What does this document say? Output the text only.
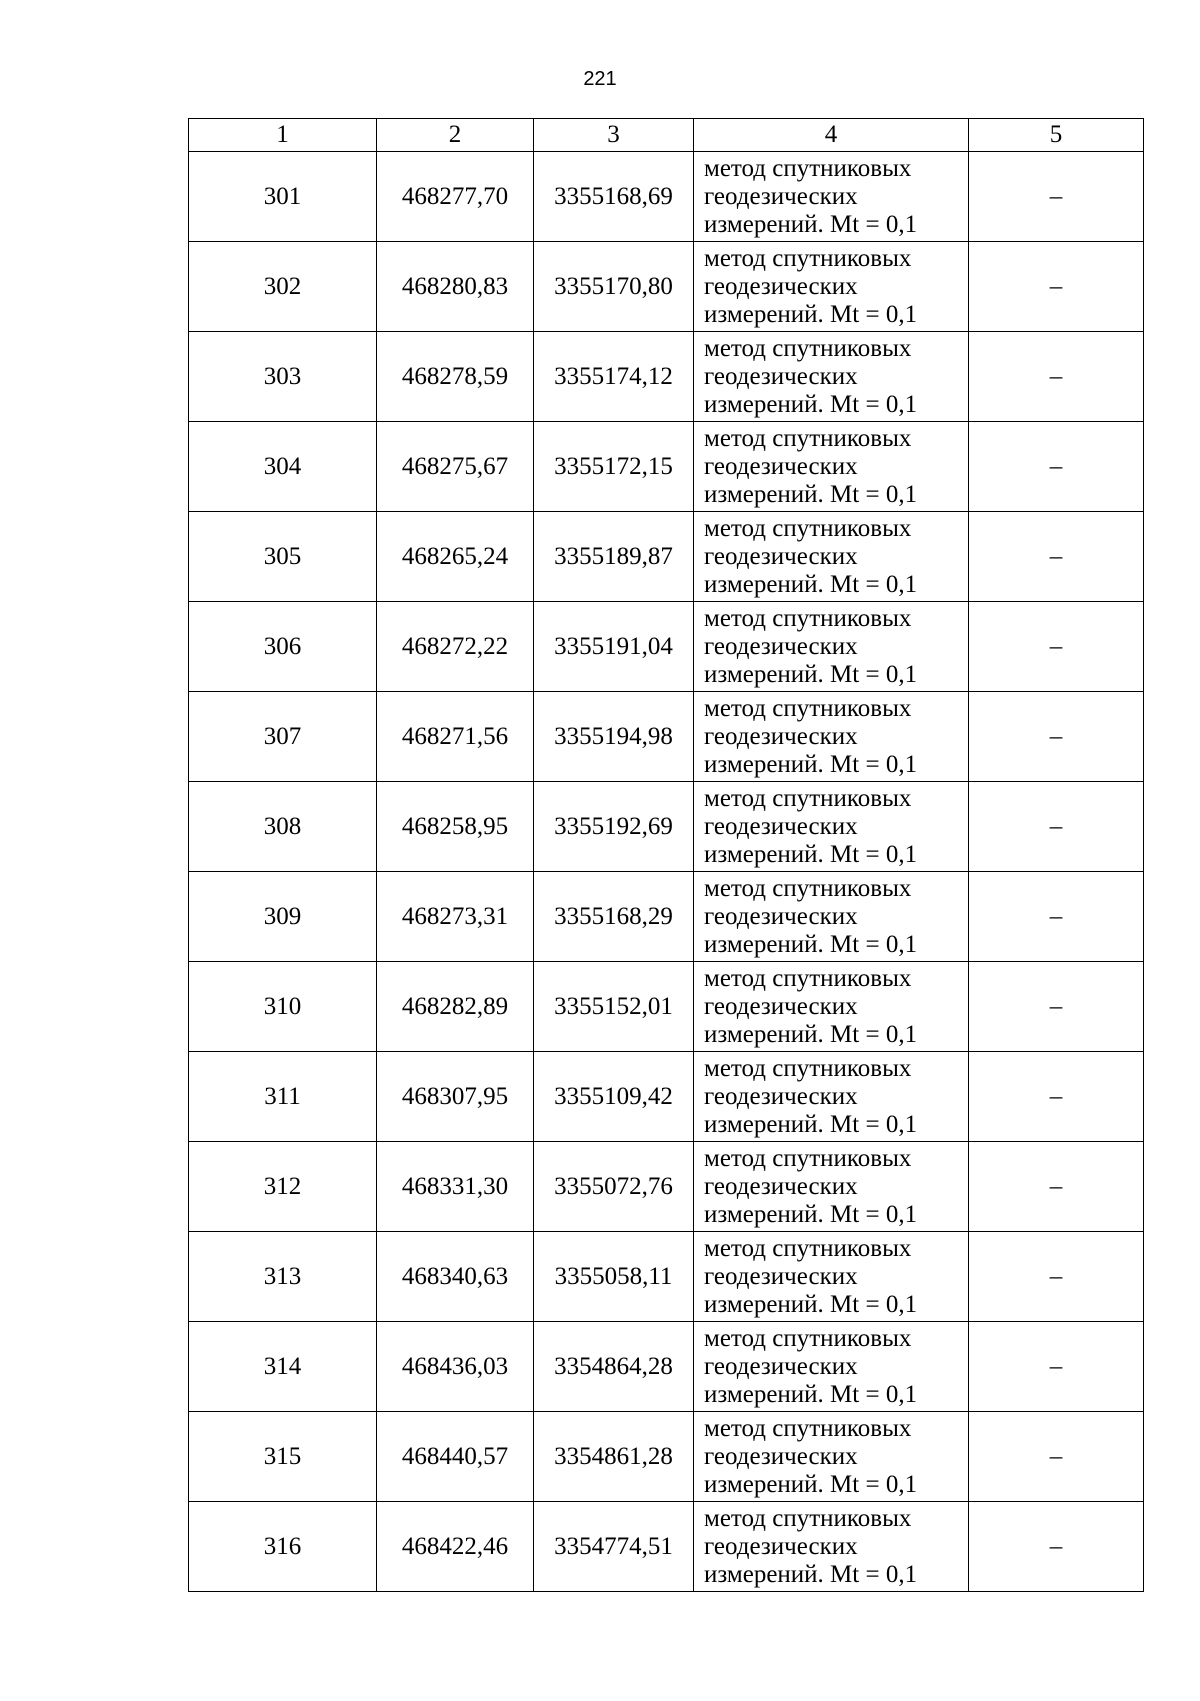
221
1	2	3	4	5
301	468277,70	3355168,69	метод спутниковых
геодезических
измерений. Mt = 0,1	–
302	468280,83	3355170,80	метод спутниковых
геодезических
измерений. Mt = 0,1	–
303	468278,59	3355174,12	метод спутниковых
геодезических
измерений. Mt = 0,1	–
304	468275,67	3355172,15	метод спутниковых
геодезических
измерений. Mt = 0,1	–
305	468265,24	3355189,87	метод спутниковых
геодезических
измерений. Mt = 0,1	–
306	468272,22	3355191,04	метод спутниковых
геодезических
измерений. Mt = 0,1	–
307	468271,56	3355194,98	метод спутниковых
геодезических
измерений. Mt = 0,1	–
308	468258,95	3355192,69	метод спутниковых
геодезических
измерений. Mt = 0,1	–
309	468273,31	3355168,29	метод спутниковых
геодезических
измерений. Mt = 0,1	–
310	468282,89	3355152,01	метод спутниковых
геодезических
измерений. Mt = 0,1	–
311	468307,95	3355109,42	метод спутниковых
геодезических
измерений. Mt = 0,1	–
312	468331,30	3355072,76	метод спутниковых
геодезических
измерений. Mt = 0,1	–
313	468340,63	3355058,11	метод спутниковых
геодезических
измерений. Mt = 0,1	–
314	468436,03	3354864,28	метод спутниковых
геодезических
измерений. Mt = 0,1	–
315	468440,57	3354861,28	метод спутниковых
геодезических
измерений. Mt = 0,1	–
316	468422,46	3354774,51	метод спутниковых
геодезических
измерений. Mt = 0,1	–
